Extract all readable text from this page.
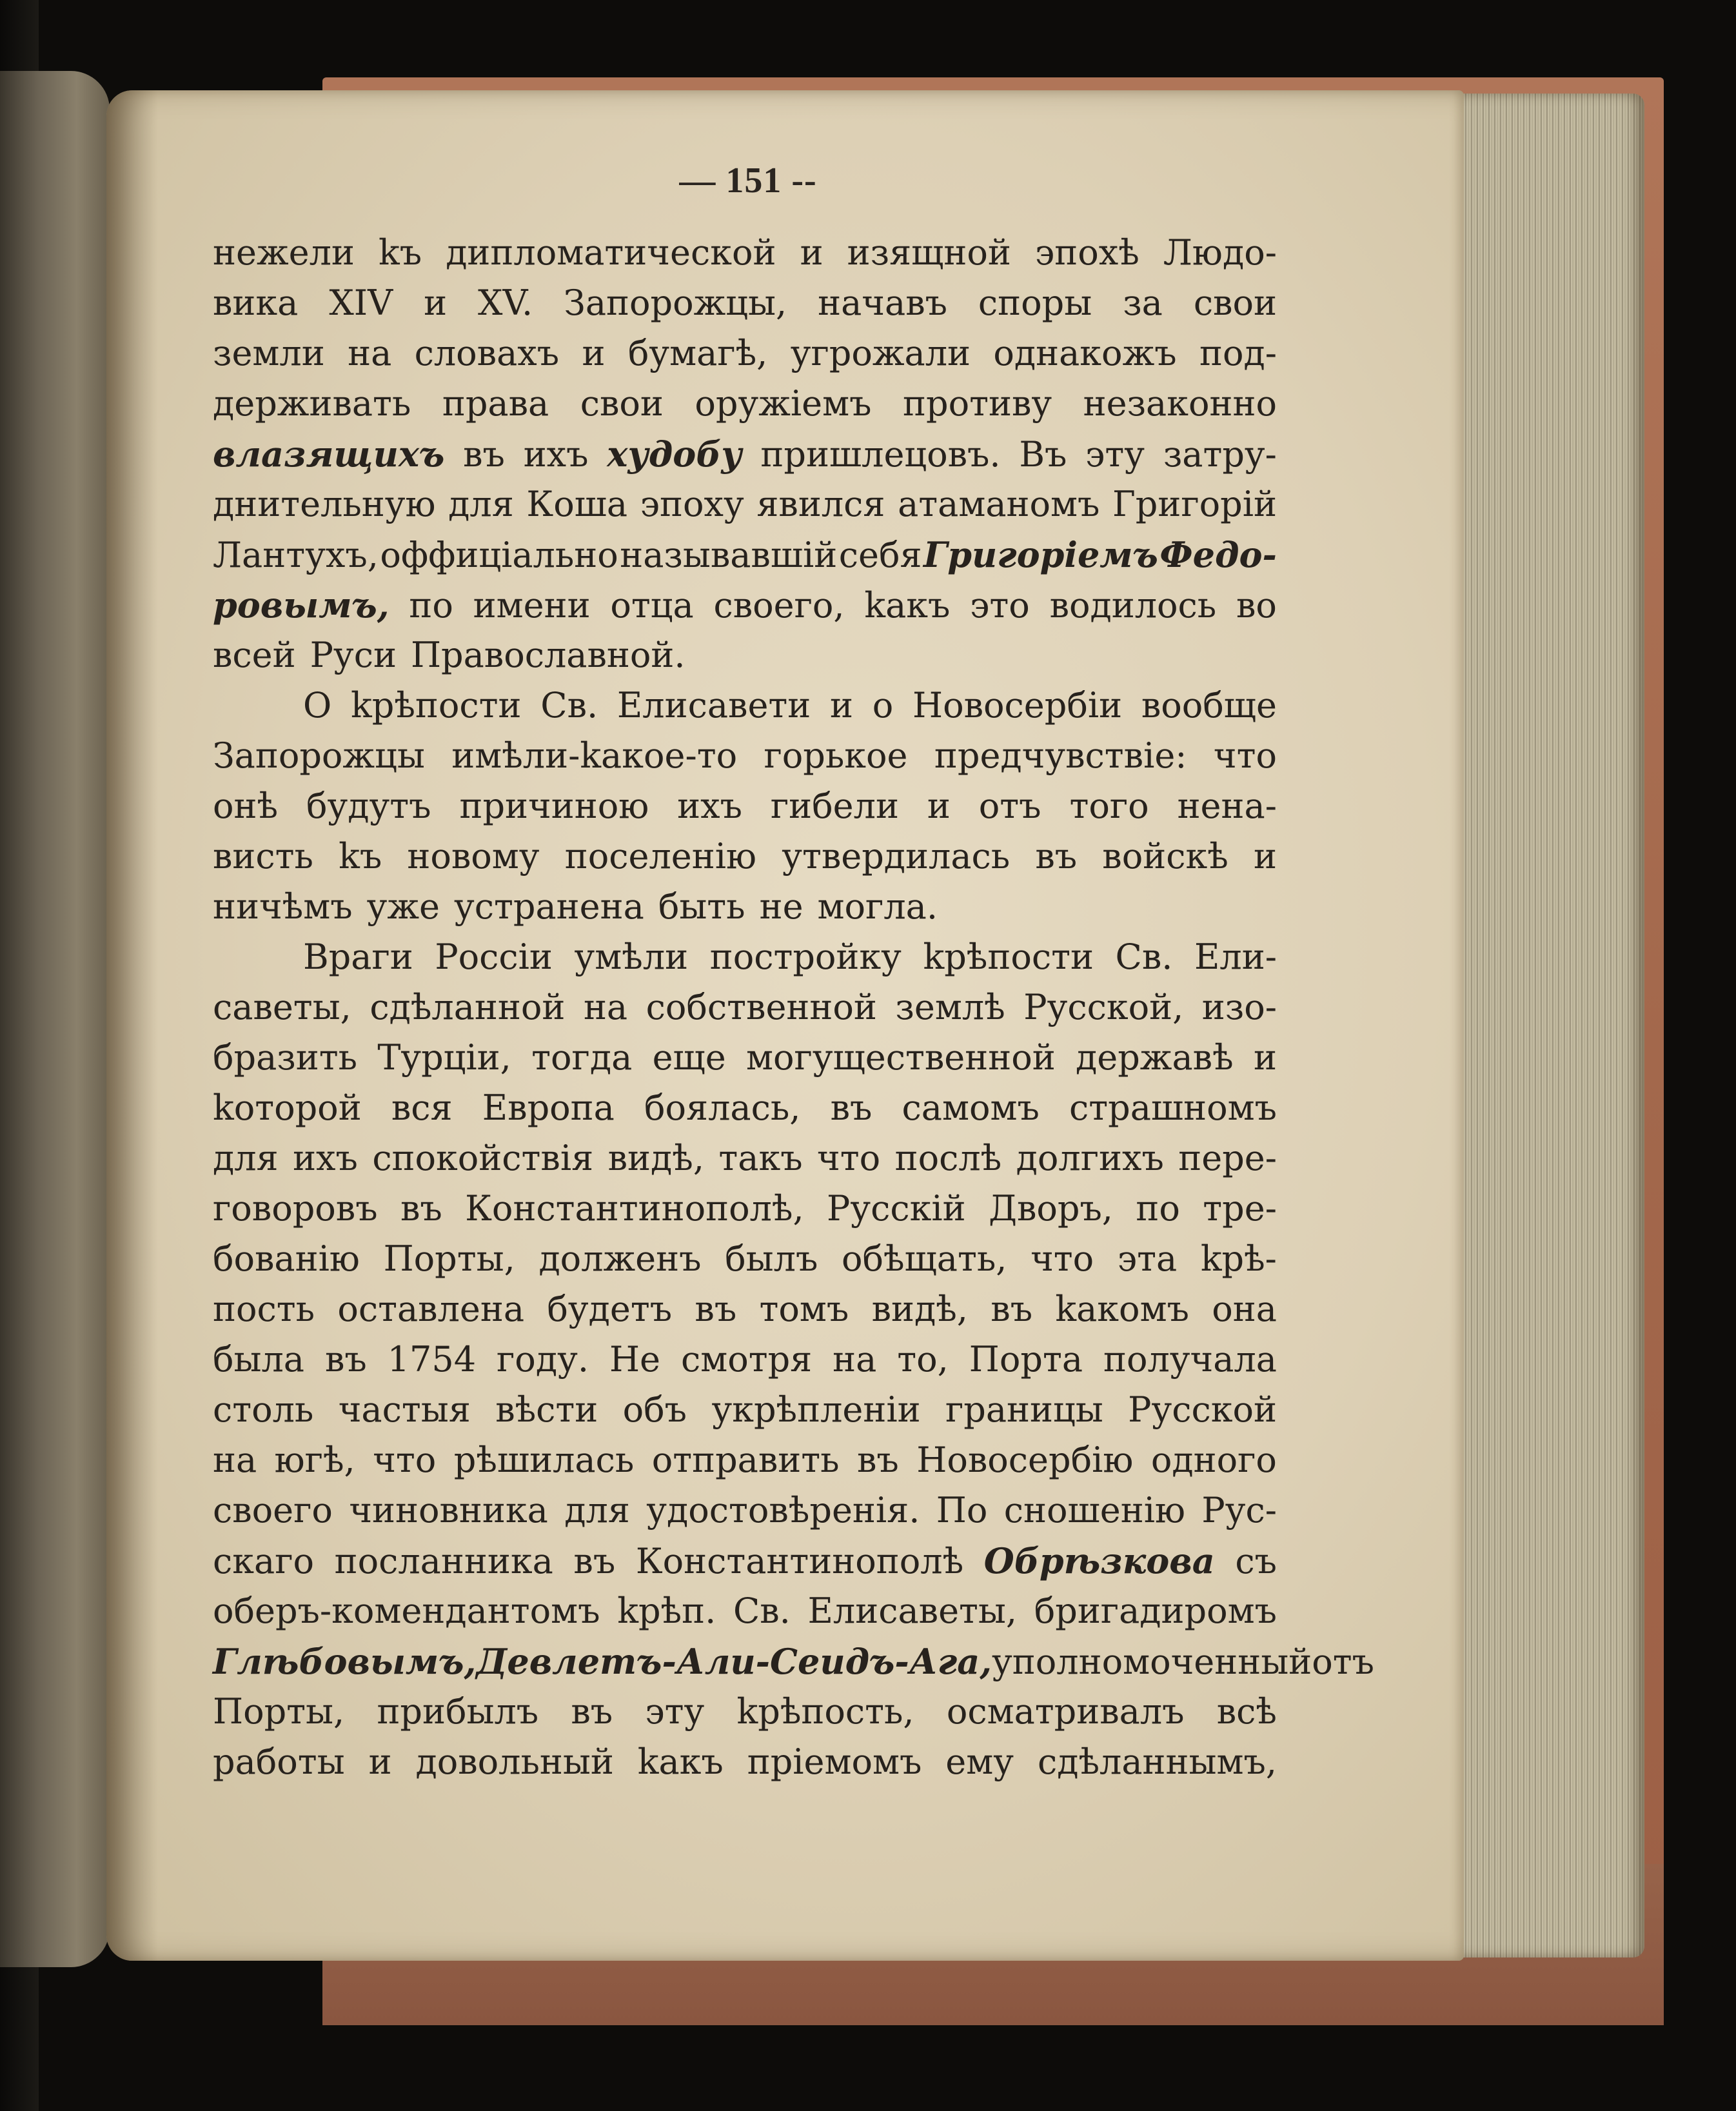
— 151 --
нежели kъ дипломатической и изящной эпохѣ Людо-
вика XIV и XV. Запорожцы, начавъ споры за свои
земли на словахъ и бумагѣ, угрожали однакожъ под-
держивать права свои оружіемъ противу незаконно
влазящихъ въ ихъ худобу пришлецовъ. Въ эту затру-
днительную для Коша эпоху явился атаманомъ Григорій
Лантухъ, оффиціально называвшій себя Григоріемъ Федо-
ровымъ, по имени отца своего, kакъ это водилось во
всей Руси Православной.
О kрѣпости Св. Елисавети и о Новосербіи вообще
Запорожцы имѣли-kакое-то горькое предчувствіе: что
онѣ будутъ причиною ихъ гибели и отъ того нена-
висть kъ новому поселенію утвердилась въ войскѣ и
ничѣмъ уже устранена быть не могла.
Враги Россіи умѣли постройку kрѣпости Св. Ели-
саветы, сдѣланной на собственной землѣ Русской, изо-
бразить Турціи, тогда еще могущественной державѣ и
kоторой вся Европа боялась, въ самомъ страшномъ
для ихъ спокойствія видѣ, такъ что послѣ долгихъ пере-
говоровъ въ Константинополѣ, Русскій Дворъ, по тре-
бованію Порты, долженъ былъ обѣщать, что эта kрѣ-
пость оставлена будетъ въ томъ видѣ, въ kакомъ она
была въ 1754 году. Не смотря на то, Порта получала
столь частыя вѣсти объ укрѣпленіи границы Русской
на югѣ, что рѣшилась отправить въ Новосербію одного
своего чиновника для удостовѣренія. По сношенію Рус-
скаго посланника въ Константинополѣ Обрѣзкова съ
оберъ-комендантомъ kрѣп. Св. Елисаветы, бригадиромъ
Глѣбовымъ, Девлетъ-Али-Сеидъ-Ага, уполномоченный отъ
Порты, прибылъ въ эту kрѣпость, осматривалъ всѣ
работы и довольный kакъ пріемомъ ему сдѣланнымъ,
